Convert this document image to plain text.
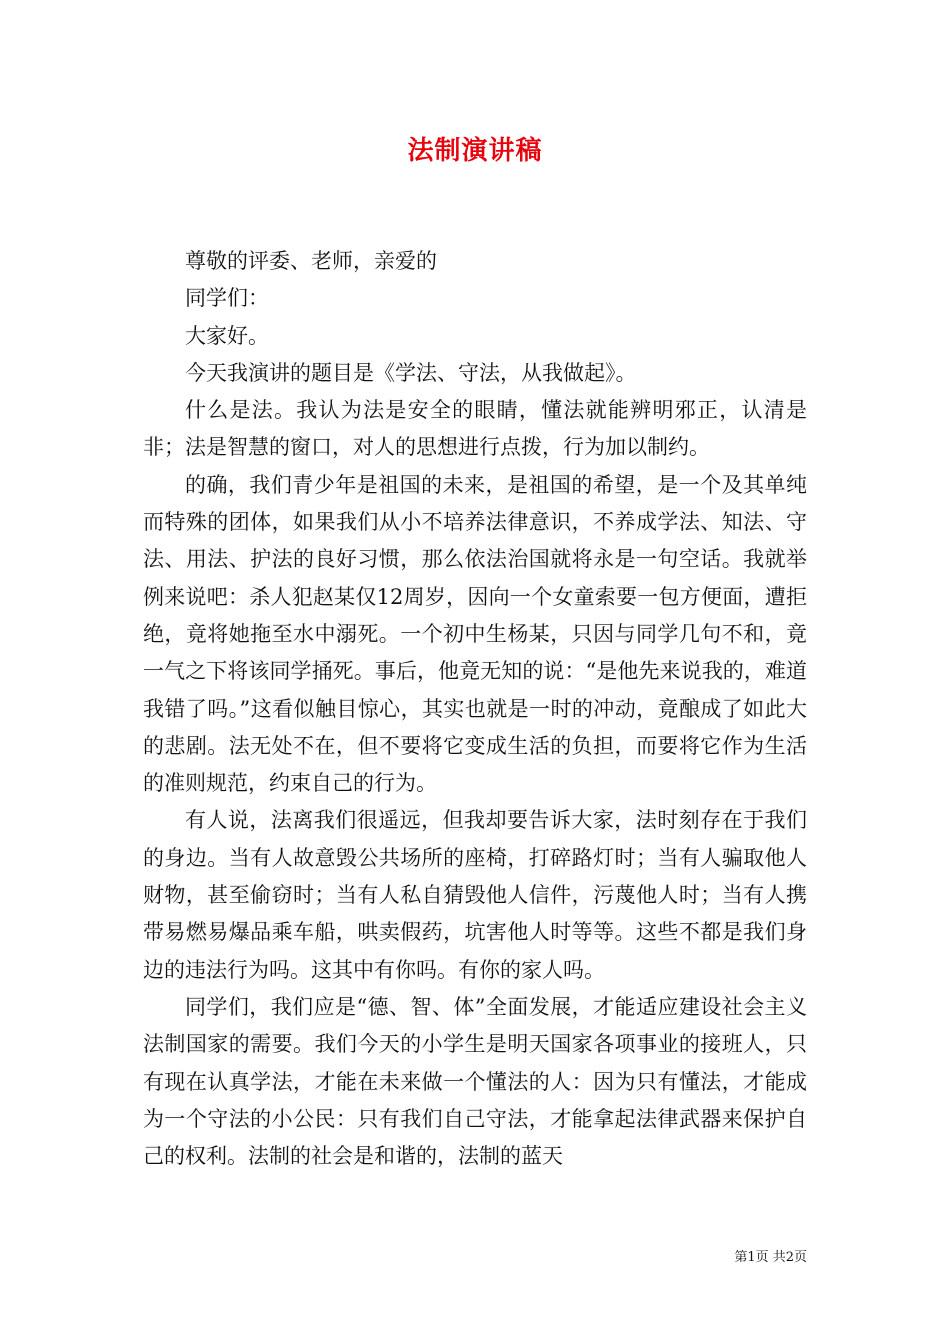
法制演讲稿

尊敬的评委、老师，亲爱的

同学们：

大家好。

今天我演讲的题目是《学法、守法，从我做起》。

什么是法。我认为法是安全的眼睛，懂法就能辨明邪正，认清是非；法是智慧的窗口，对人的思想进行点拨，行为加以制约。

的确，我们青少年是祖国的未来，是祖国的希望，是一个及其单纯而特殊的团体，如果我们从小不培养法律意识，不养成学法、知法、守法、用法、护法的良好习惯，那么依法治国就将永是一句空话。我就举例来说吧：杀人犯赵某仅12周岁，因向一个女童索要一包方便面，遭拒绝，竟将她拖至水中溺死。一个初中生杨某，只因与同学几句不和，竟一气之下将该同学捅死。事后，他竟无知的说：“是他先来说我的，难道我错了吗。”这看似触目惊心，其实也就是一时的冲动，竟酿成了如此大的悲剧。法无处不在，但不要将它变成生活的负担，而要将它作为生活的准则规范，约束自己的行为。

有人说，法离我们很遥远，但我却要告诉大家，法时刻存在于我们的身边。当有人故意毁公共场所的座椅，打碎路灯时；当有人骗取他人财物，甚至偷窃时；当有人私自猜毁他人信件，污蔑他人时；当有人携带易燃易爆品乘车船，哄卖假药，坑害他人时等等。这些不都是我们身边的违法行为吗。这其中有你吗。有你的家人吗。

同学们，我们应是“德、智、体”全面发展，才能适应建设社会主义法制国家的需要。我们今天的小学生是明天国家各项事业的接班人，只有现在认真学法，才能在未来做一个懂法的人：因为只有懂法，才能成为一个守法的小公民：只有我们自己守法，才能拿起法律武器来保护自己的权利。法制的社会是和谐的，法制的蓝天

第1页 共2页
